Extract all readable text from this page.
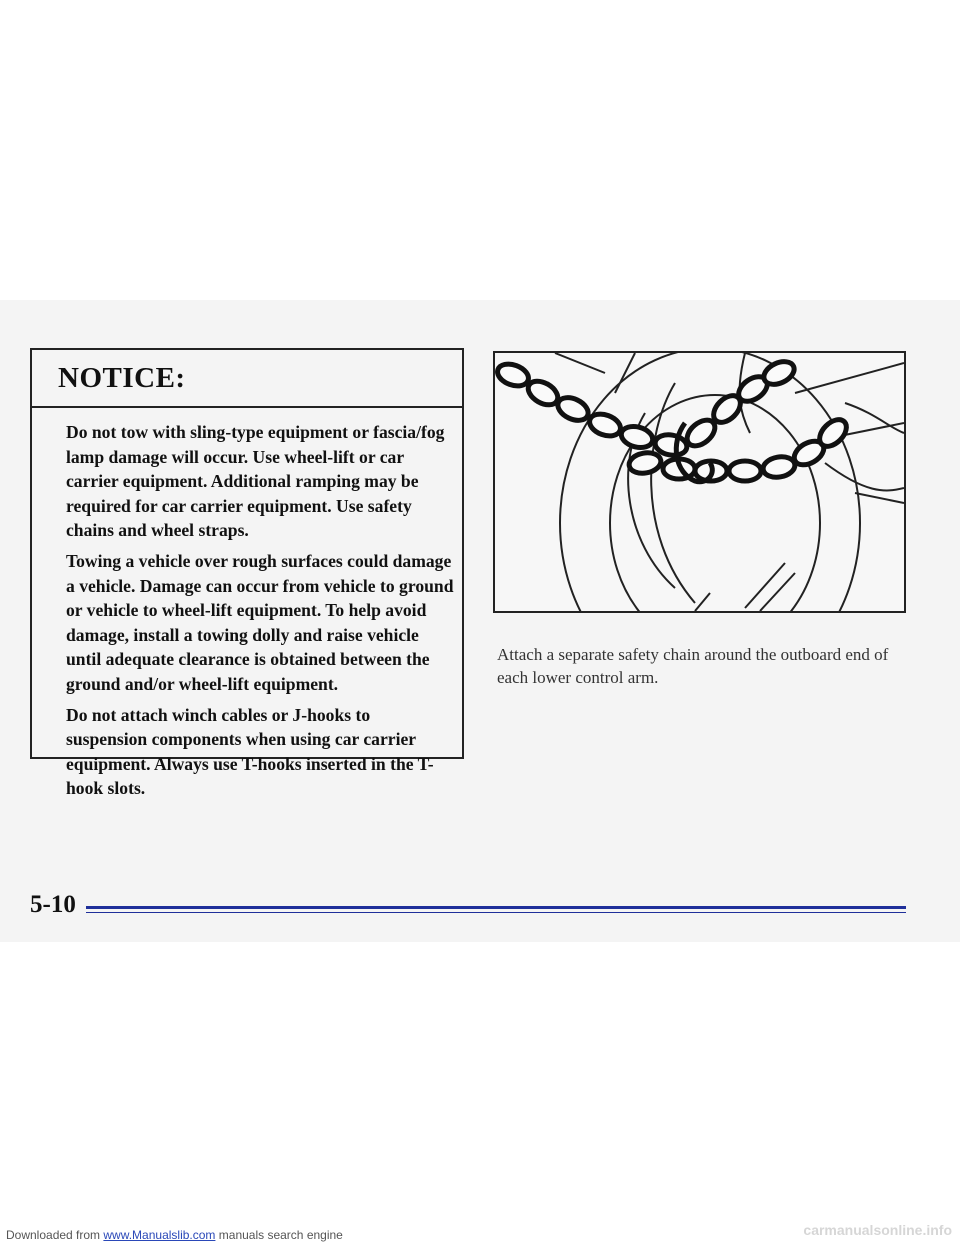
NOTICE:

Do not tow with sling-type equipment or fascia/fog lamp damage will occur. Use wheel-lift or car carrier equipment. Additional ramping may be required for car carrier equipment. Use safety chains and wheel straps.

Towing a vehicle over rough surfaces could damage a vehicle. Damage can occur from vehicle to ground or vehicle to wheel-lift equipment. To help avoid damage, install a towing dolly and raise vehicle until adequate clearance is obtained between the ground and/or wheel-lift equipment.

Do not attach winch cables or J-hooks to suspension components when using car carrier equipment. Always use T-hooks inserted in the T-hook slots.

Attach a separate safety chain around the outboard end of each lower control arm.
5-10
Downloaded from www.Manualslib.com manuals search engine	carmanualsonline.info
